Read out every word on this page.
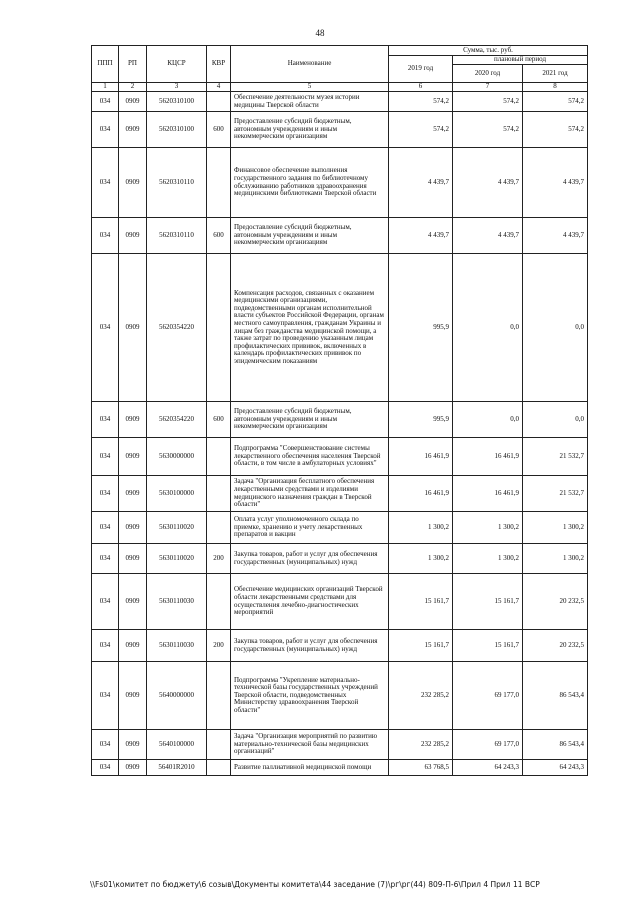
48
ППП	РП	КЦСР	КВР	Наименование	Сумма, тыс. руб.		
					2019 год	плановый период	
						2020 год	2021 год
1	2	3	4	5	6	7	8
034	0909	5620310100		Обеспечение деятельности музея истории медицины Тверской области	574,2	574,2	574,2
034	0909	5620310100	600	Предоставление субсидий бюджетным, автономным учреждениям и иным некоммерческим организациям	574,2	574,2	574,2
034	0909	5620310110		Финансовое обеспечение выполнения государственного задания по библиотечному обслуживанию работников здравоохранения медицинскими библиотеками Тверской области	4 439,7	4 439,7	4 439,7
034	0909	5620310110	600	Предоставление субсидий бюджетным, автономным учреждениям и иным некоммерческим организациям	4 439,7	4 439,7	4 439,7
034	0909	5620354220		Компенсация расходов, связанных с оказанием медицинскими организациями, подведомственными органам исполнительной власти субъектов Российской Федерации, органам местного самоуправления, гражданам Украины и лицам без гражданства медицинской помощи, а также затрат по проведению указанным лицам профилактических прививок, включенных в календарь профилактических прививок по эпидемическим показаниям	995,9	0,0	0,0
034	0909	5620354220	600	Предоставление субсидий бюджетным, автономным учреждениям и иным некоммерческим организациям	995,9	0,0	0,0
034	0909	5630000000		Подпрограмма "Совершенствование системы лекарственного обеспечения населения Тверской области, в том числе в амбулаторных условиях"	16 461,9	16 461,9	21 532,7
034	0909	5630100000		Задача "Организация бесплатного обеспечения лекарственными средствами и изделиями медицинского назначения граждан в Тверской области"	16 461,9	16 461,9	21 532,7
034	0909	5630110020		Оплата услуг уполномоченного склада по приемке, хранению и учету лекарственных препаратов и вакцин	1 300,2	1 300,2	1 300,2
034	0909	5630110020	200	Закупка товаров, работ и услуг для обеспечения государственных (муниципальных) нужд	1 300,2	1 300,2	1 300,2
034	0909	5630110030		Обеспечение медицинских организаций Тверской области лекарственными средствами для осуществления лечебно-диагностических мероприятий	15 161,7	15 161,7	20 232,5
034	0909	5630110030	200	Закупка товаров, работ и услуг для обеспечения государственных (муниципальных) нужд	15 161,7	15 161,7	20 232,5
034	0909	5640000000		Подпрограмма "Укрепление материально-технической базы государственных учреждений Тверской области, подведомственных Министерству здравоохранения Тверской области"	232 285,2	69 177,0	86 543,4
034	0909	5640100000		Задача "Организация мероприятий по развитию материально-технической базы медицинских организаций"	232 285,2	69 177,0	86 543,4
034	0909	56401R2010		Развитие паллиативной медицинской помощи	63 768,5	64 243,3	64 243,3
\\Fs01\комитет по бюджету\6 созыв\Документы комитета\44 заседание (7)\рг\рг(44) 809-П-6\Прил 4 Прил 11 ВСР
